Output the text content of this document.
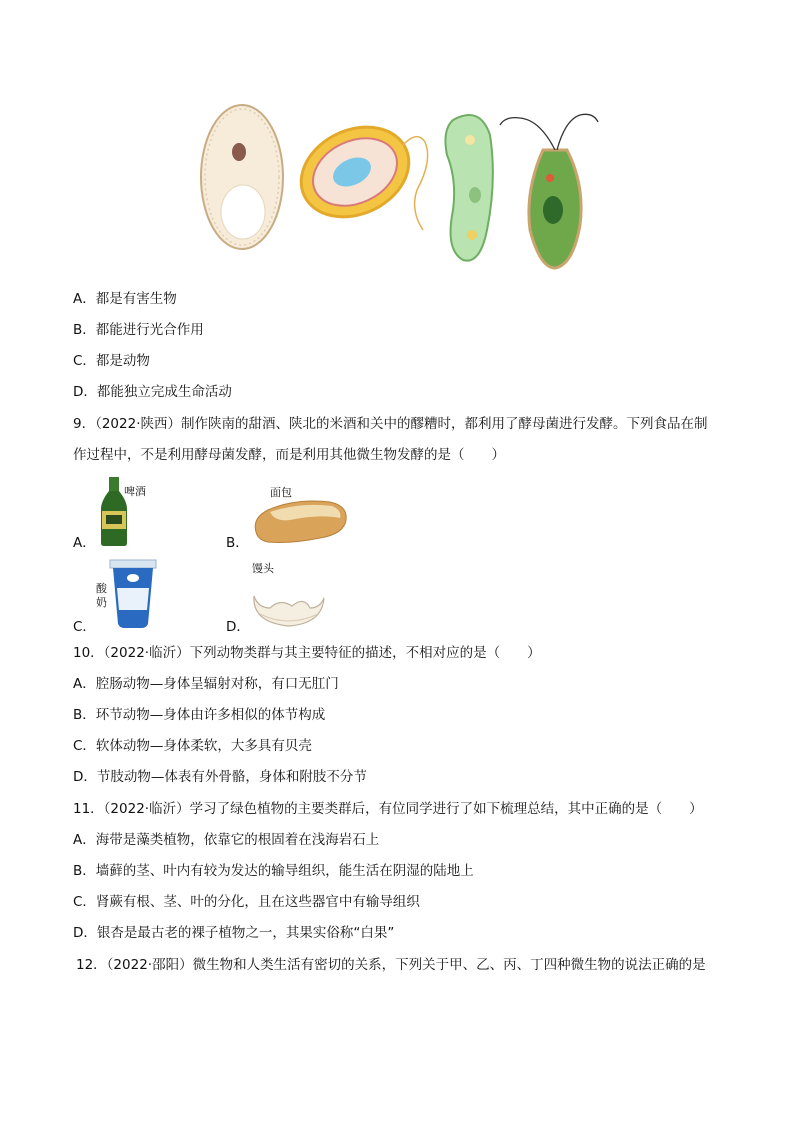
A．都是有害生物
B．都能进行光合作用
C．都是动物
D．都能独立完成生命活动
9．（2022·陕西）制作陕南的甜酒、陕北的米酒和关中的醪糟时，都利用了酵母菌进行发酵。下列食品在制
作过程中，不是利用酵母菌发酵，而是利用其他微生物发酵的是（　　）
A．
啤酒
B．
面包
C．
酸
奶
D．
馒头
10．（2022·临沂）下列动物类群与其主要特征的描述，不相对应的是（　　）
A．腔肠动物—身体呈辐射对称，有口无肛门
B．环节动物—身体由许多相似的体节构成
C．软体动物—身体柔软，大多具有贝壳
D．节肢动物—体表有外骨骼，身体和附肢不分节
11．（2022·临沂）学习了绿色植物的主要类群后，有位同学进行了如下梳理总结，其中正确的是（　　）
A．海带是藻类植物，依靠它的根固着在浅海岩石上
B．墙藓的茎、叶内有较为发达的输导组织，能生活在阴湿的陆地上
C．肾蕨有根、茎、叶的分化，且在这些器官中有输导组织
D．银杏是最古老的裸子植物之一，其果实俗称“白果”
12．（2022·邵阳）微生物和人类生活有密切的关系，下列关于甲、乙、丙、丁四种微生物的说法正确的是
